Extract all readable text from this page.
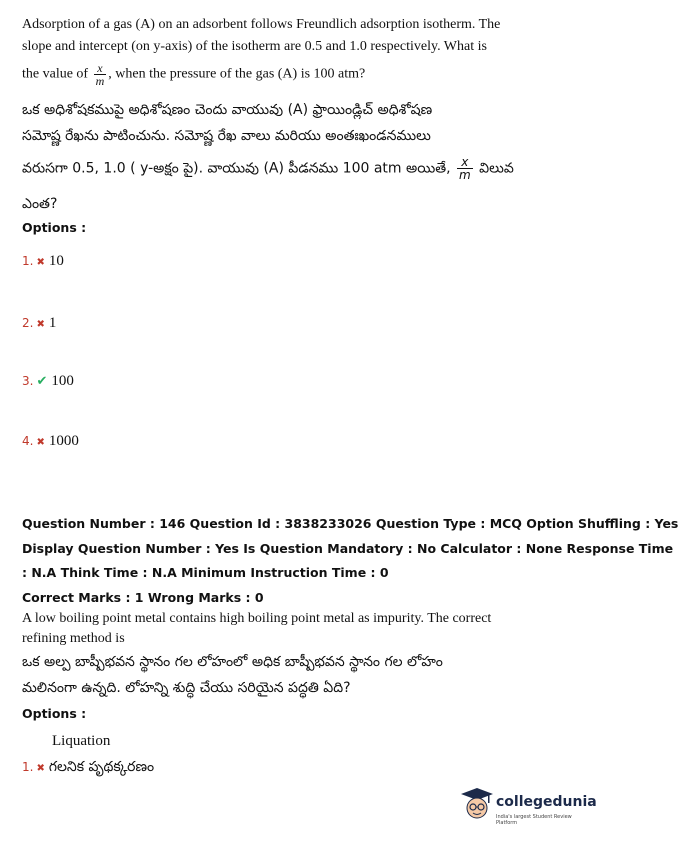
Adsorption of a gas (A) on an adsorbent follows Freundlich adsorption isotherm. The
slope and intercept (on y-axis) of the isotherm are 0.5 and 1.0 respectively. What is
the value of $\frac{x}{m}$ , when the pressure of the gas (A) is 100 atm?
ఒక అధిశోషకముపై అధిశోషణం చెందు వాయువు (A) ఫ్రాయిండ్లిచ్ అధిశోషణ
సమోష్ణ రేఖను పాటించును. సమోష్ణ రేఖ వాలు మరియు అంతఃఖండనములు
వరుసగా 0.5, 1.0 ( y-అక్షం పై). వాయువు (A) పీడనము 100 atm అయితే, $\frac{x}{m}$ విలువ
ఎంత?
Options :
1. ✖ 10
2. ✖ 1
3. ✔ 100
4. ✖ 1000
Question Number : 146 Question Id : 3838233026 Question Type : MCQ Option Shuffling : Yes
Display Question Number : Yes Is Question Mandatory : No Calculator : None Response Time
: N.A Think Time : N.A Minimum Instruction Time : 0
Correct Marks : 1 Wrong Marks : 0
A low boiling point metal contains high boiling point metal as impurity. The correct
refining method is
ఒక అల్ప బాష్పీభవన స్థానం గల లోహంలో అధిక బాష్పీభవన స్థానం గల లోహం
మలినంగా ఉన్నది. లోహన్ని శుద్ధి చేయు సరియైన పద్ధతి ఏది?
Options :
Liquation
1. ✖ గలనిక పృథక్కరణం
collegedunia
India's largest Student Review Platform
